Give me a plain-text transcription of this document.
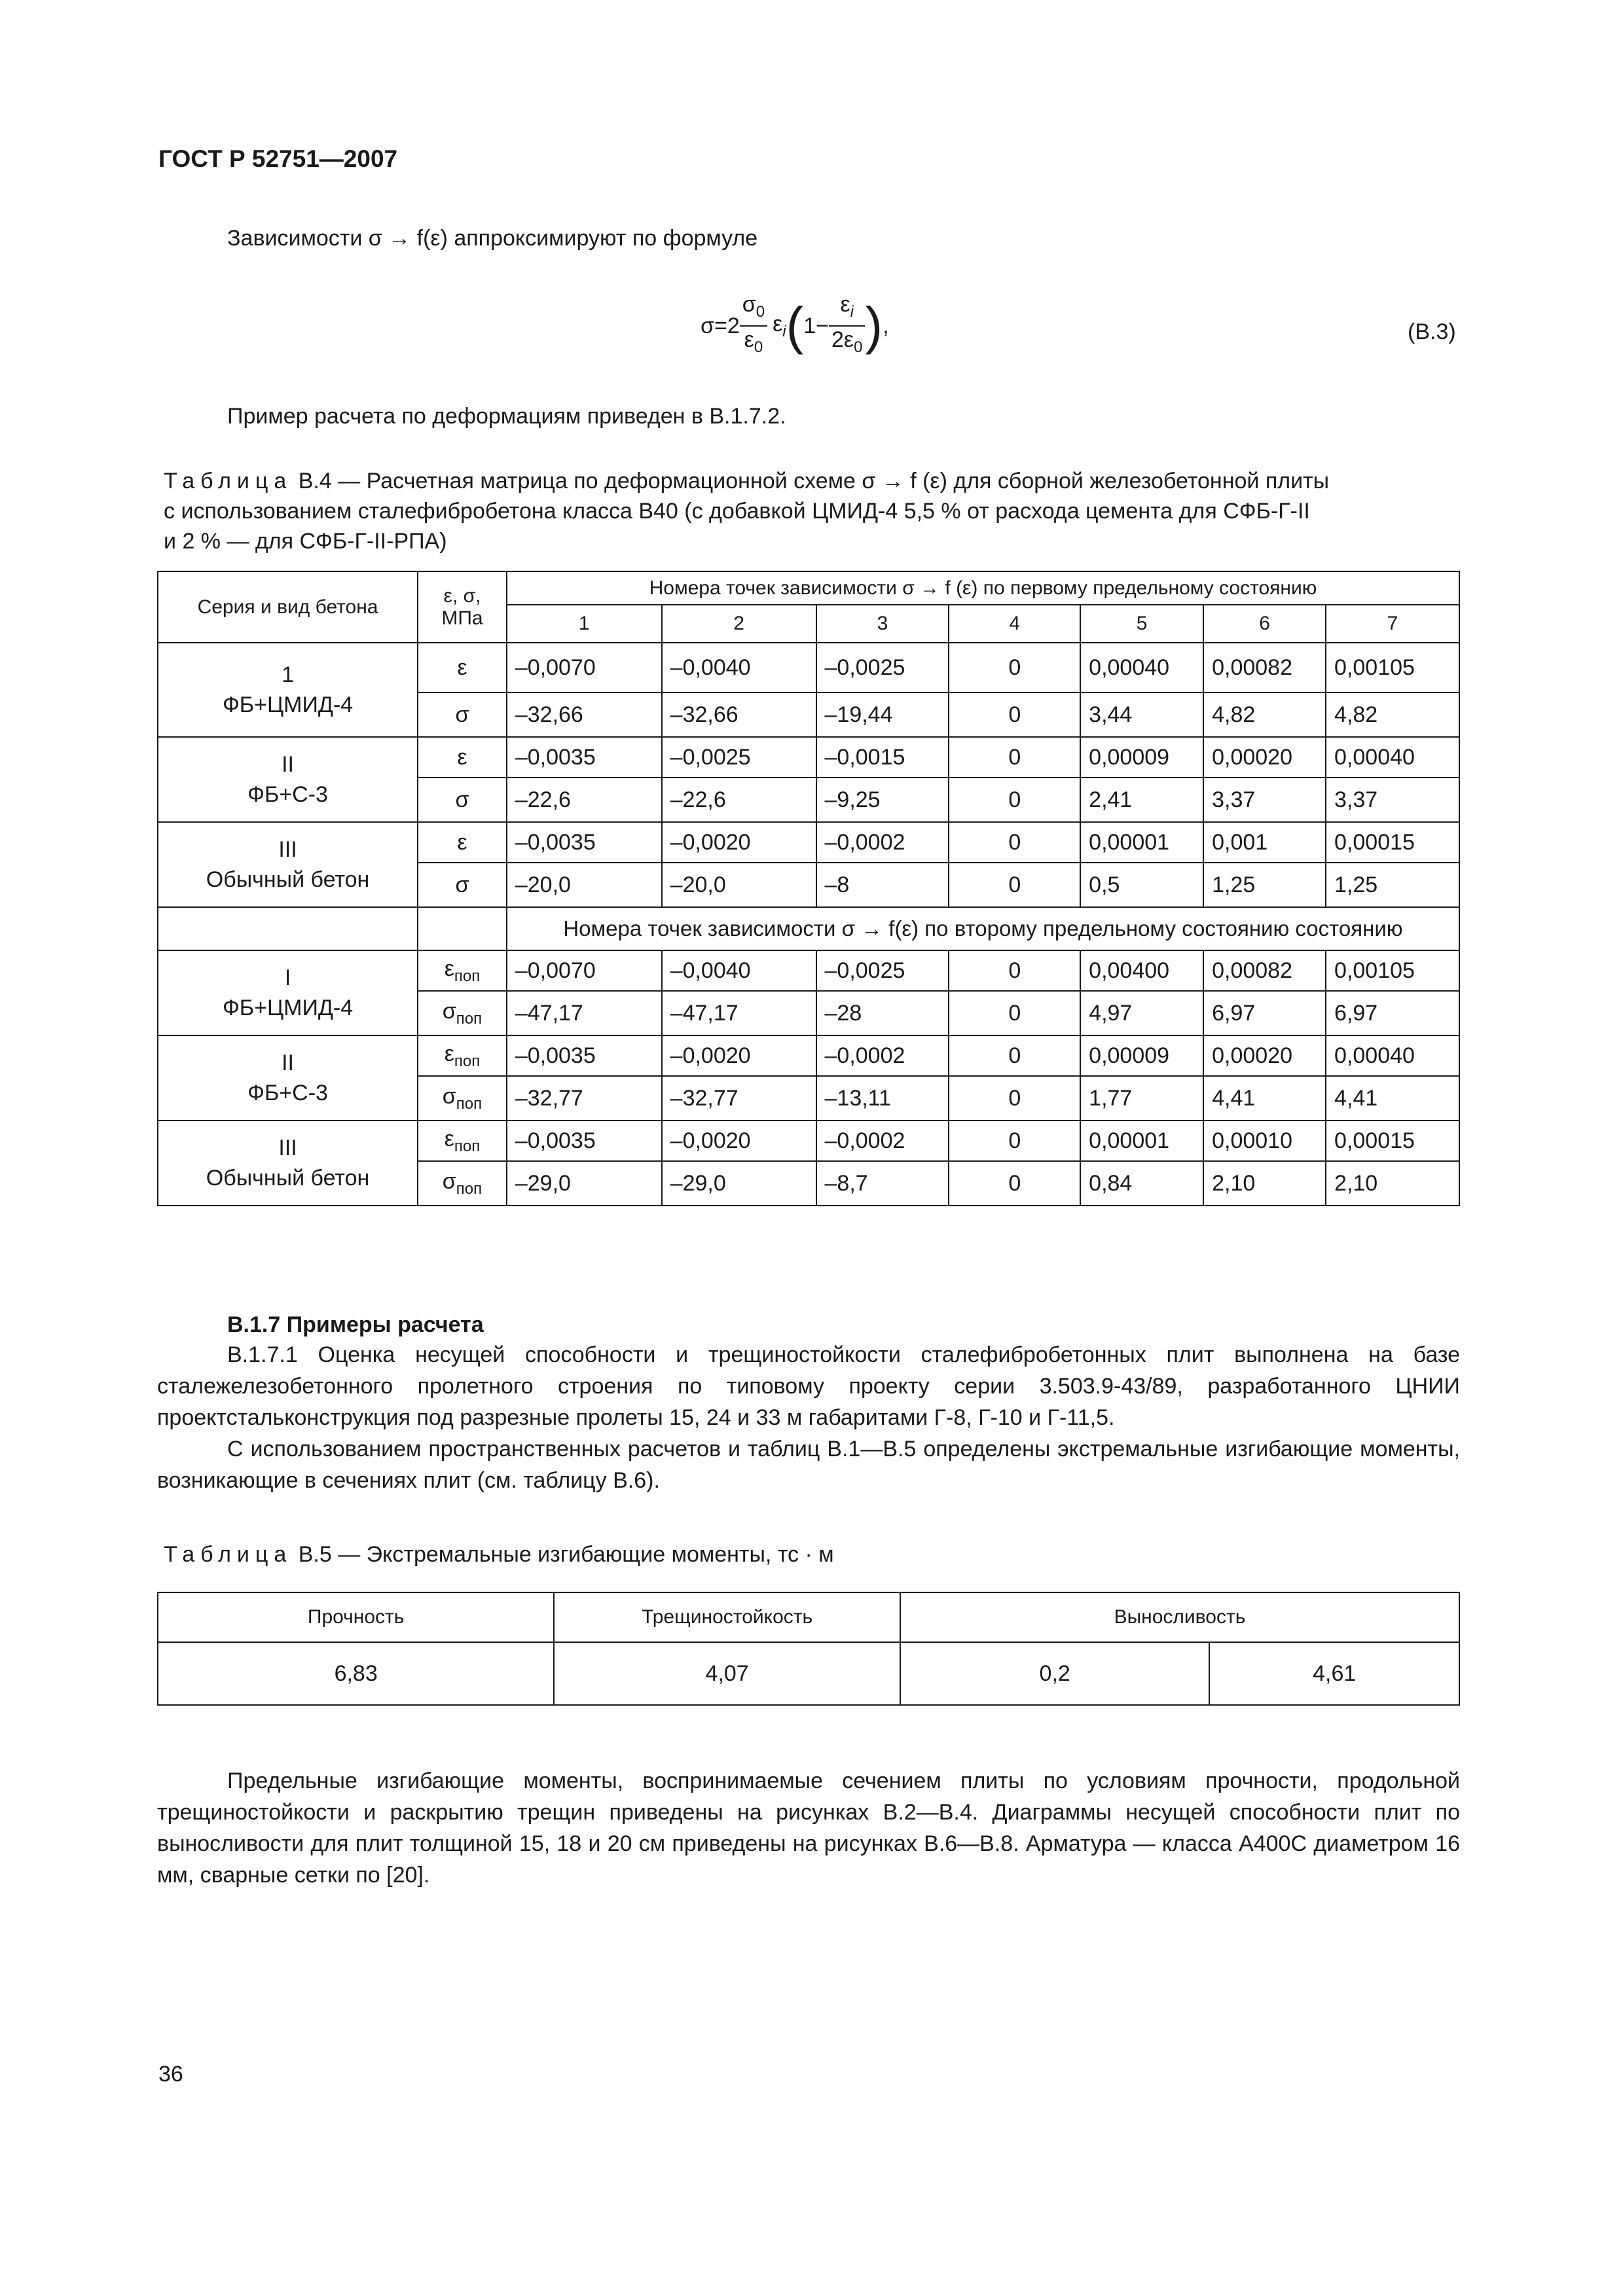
ГОСТ Р 52751—2007
Зависимости σ → f(ε) аппроксимируют по формуле
$\sigma=2 \frac{\sigma_0}{\varepsilon_0} \varepsilon_i$ ( $1- \frac{\varepsilon_i}{2\varepsilon_0}$ ) ,	(В.3)
Пример расчета по деформациям приведен в В.1.7.2.
Таблица В.4 — Расчетная матрица по деформационной схеме σ → f (ε) для сборной железобетонной плиты
с использованием сталефибробетона класса В40 (с добавкой ЦМИД-4 5,5 % от расхода цемента для СФБ-Г-II
и 2 % — для СФБ-Г-II-РПА)
Серия и вид бетона	ε, σ, МПа	Номера точек зависимости σ → f (ε) по первому предельному состоянию						
		1	2	3	4	5	6	7

1
ФБ+ЦМИД-4	ε	–0,0070	–0,0040	–0,0025	0	0,00040	0,00082	0,00105
	σ	–32,66	–32,66	–19,44	0	3,44	4,82	4,82

II
ФБ+С-3	ε	–0,0035	–0,0025	–0,0015	0	0,00009	0,00020	0,00040
	σ	–22,6	–22,6	–9,25	0	2,41	3,37	3,37

III
Обычный бетон	ε	–0,0035	–0,0020	–0,0002	0	0,00001	0,001	0,00015
	σ	–20,0	–20,0	–8	0	0,5	1,25	1,25
		Номера точек зависимости σ → f(ε) по второму предельному состоянию состоянию						

I
ФБ+ЦМИД-4	$\varepsilon_{поп}$	–0,0070	–0,0040	–0,0025	0	0,00400	0,00082	0,00105
	$\sigma_{поп}$	–47,17	–47,17	–28	0	4,97	6,97	6,97

II
ФБ+С-3	$\varepsilon_{поп}$	–0,0035	–0,0020	–0,0002	0	0,00009	0,00020	0,00040
	$\sigma_{поп}$	–32,77	–32,77	–13,11	0	1,77	4,41	4,41

III
Обычный бетон	$\varepsilon_{поп}$	–0,0035	–0,0020	–0,0002	0	0,00001	0,00010	0,00015
	$\sigma_{поп}$	–29,0	–29,0	–8,7	0	0,84	2,10	2,10
В.1.7 Примеры расчета
В.1.7.1 Оценка несущей способности и трещиностойкости сталефибробетонных плит выполнена на базе сталежелезобетонного пролетного строения по типовому проекту серии 3.503.9-43/89, разработанного ЦНИИ проектстальконструкция под разрезные пролеты 15, 24 и 33 м габаритами Г-8, Г-10 и Г-11,5.
С использованием пространственных расчетов и таблиц В.1—В.5 определены экстремальные изгибающие моменты, возникающие в сечениях плит (см. таблицу В.6).
Таблица В.5 — Экстремальные изгибающие моменты, тс · м
Прочность	Трещиностойкость	Выносливость	
6,83	4,07	0,2	4,61
Предельные изгибающие моменты, воспринимаемые сечением плиты по условиям прочности, продольной трещиностойкости и раскрытию трещин приведены на рисунках В.2—В.4. Диаграммы несущей способности плит по выносливости для плит толщиной 15, 18 и 20 см приведены на рисунках В.6—В.8. Арматура — класса А400С диаметром 16 мм, сварные сетки по [20].
36
